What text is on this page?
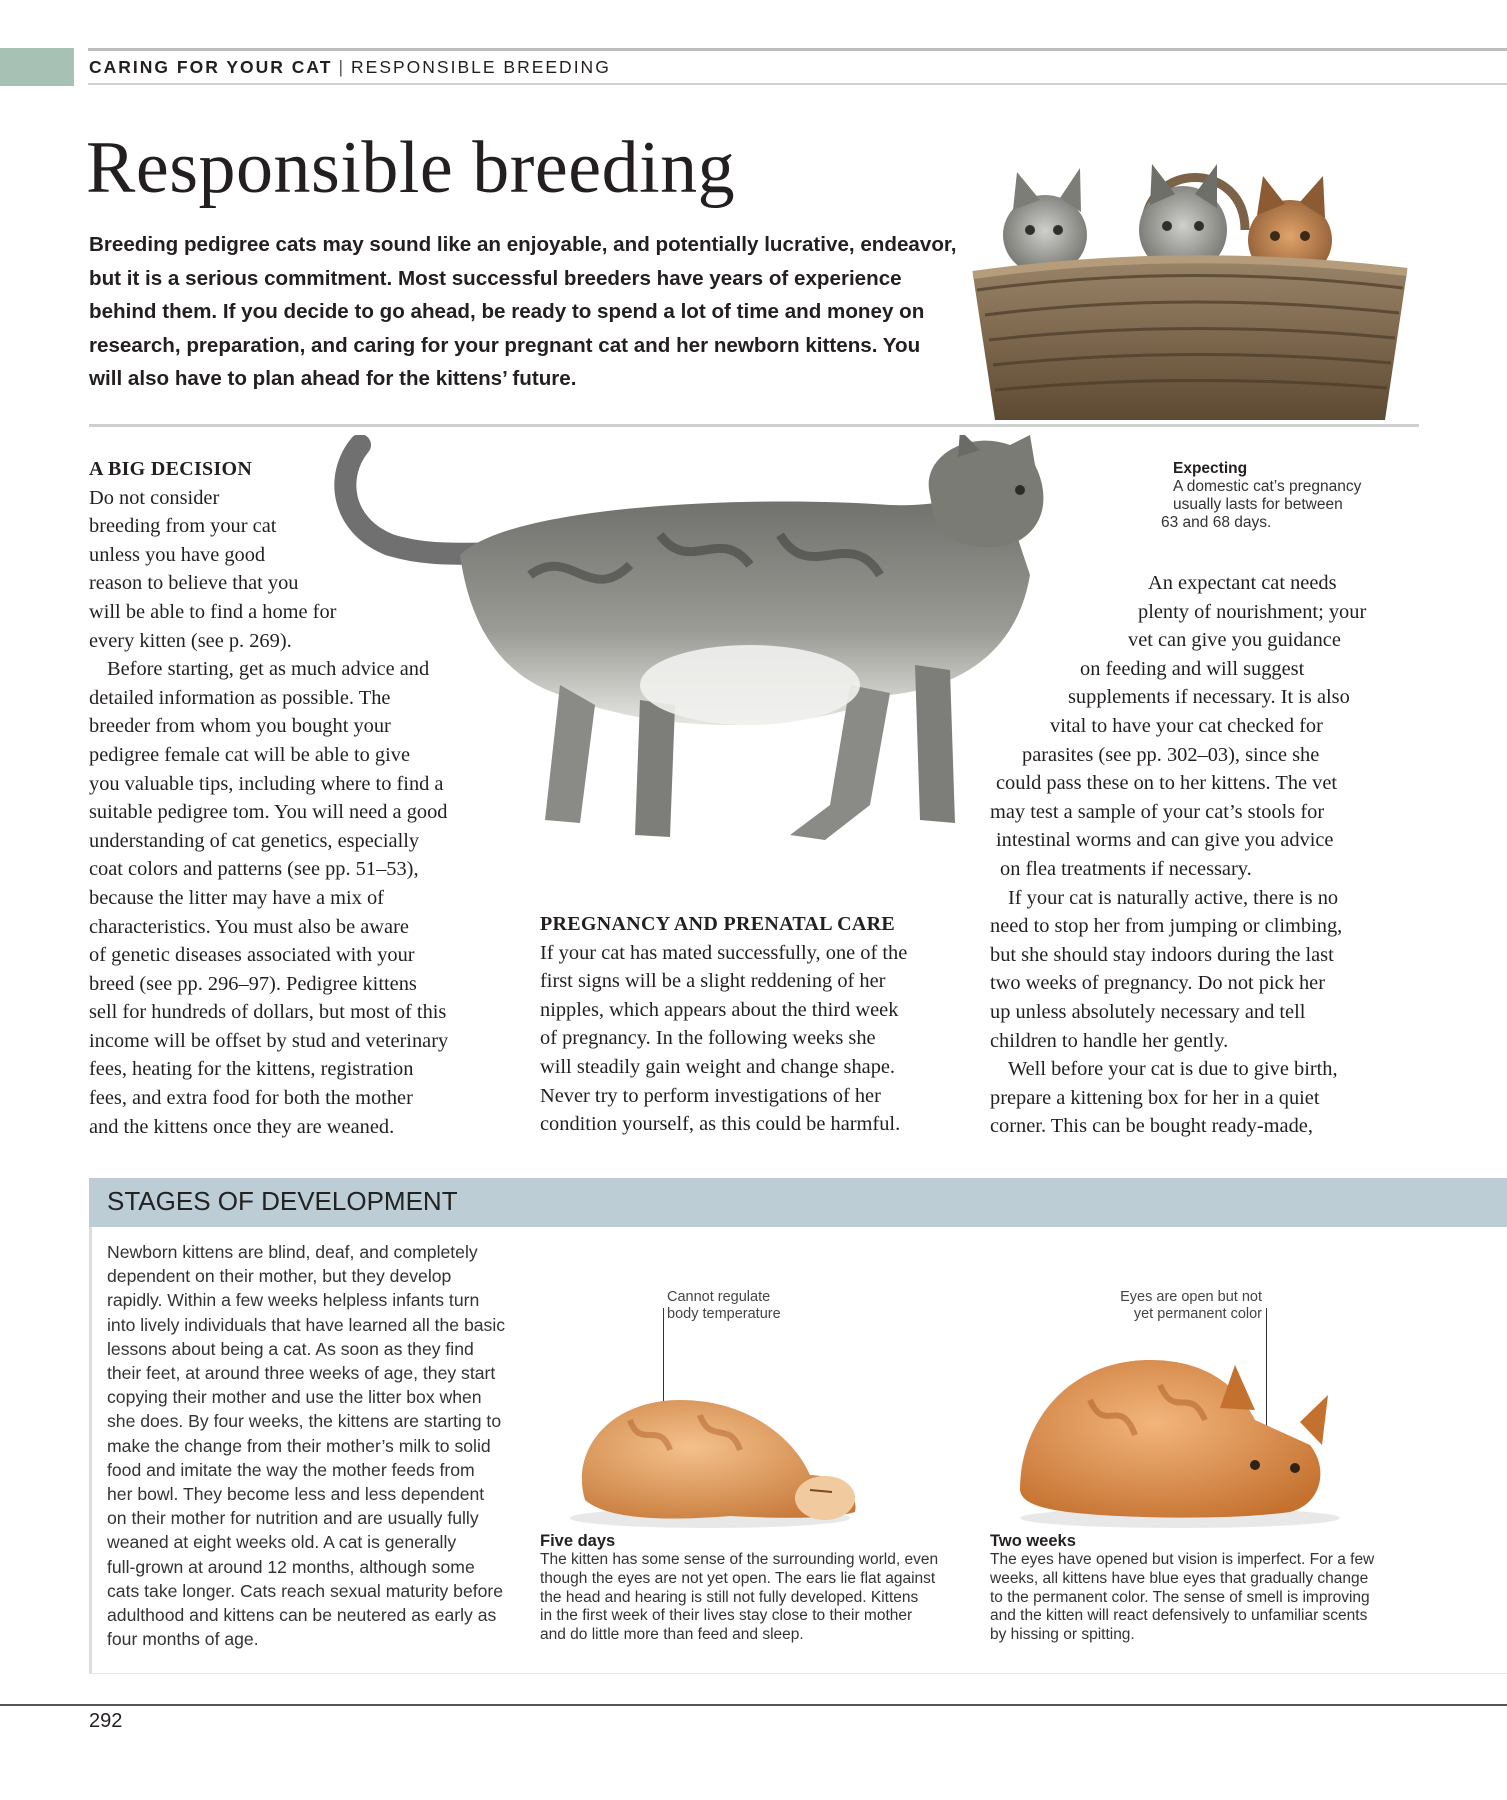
CARING FOR YOUR CAT | RESPONSIBLE BREEDING
Responsible breeding

Breeding pedigree cats may sound like an enjoyable, and potentially lucrative, endeavor, but it is a serious commitment. Most successful breeders have years of experience behind them. If you decide to go ahead, be ready to spend a lot of time and money on research, preparation, and caring for your pregnant cat and her newborn kittens. You will also have to plan ahead for the kittens’ future.

A BIG DECISION
Do not consider
breeding from your cat
unless you have good
reason to believe that you
will be able to find a home for
every kitten (see p. 269).
Before starting, get as much advice and
detailed information as possible. The
breeder from whom you bought your
pedigree female cat will be able to give
you valuable tips, including where to find a
suitable pedigree tom. You will need a good
understanding of cat genetics, especially
coat colors and patterns (see pp. 51–53),
because the litter may have a mix of
characteristics. You must also be aware
of genetic diseases associated with your
breed (see pp. 296–97). Pedigree kittens
sell for hundreds of dollars, but most of this
income will be offset by stud and veterinary
fees, heating for the kittens, registration
fees, and extra food for both the mother
and the kittens once they are weaned.
PREGNANCY AND PRENATAL CARE
If your cat has mated successfully, one of the
first signs will be a slight reddening of her
nipples, which appears about the third week
of pregnancy. In the following weeks she
will steadily gain weight and change shape.
Never try to perform investigations of her
condition yourself, as this could be harmful.
Expecting
A domestic cat’s pregnancy
usually lasts for between
63 and 68 days.
An expectant cat needs
plenty of nourishment; your
vet can give you guidance
on feeding and will suggest
supplements if necessary. It is also
vital to have your cat checked for
parasites (see pp. 302–03), since she
could pass these on to her kittens. The vet
may test a sample of your cat’s stools for
intestinal worms and can give you advice
on flea treatments if necessary.
If your cat is naturally active, there is no
need to stop her from jumping or climbing,
but she should stay indoors during the last
two weeks of pregnancy. Do not pick her
up unless absolutely necessary and tell
children to handle her gently.
Well before your cat is due to give birth,
prepare a kittening box for her in a quiet
corner. This can be bought ready-made,
STAGES OF DEVELOPMENT
Newborn kittens are blind, deaf, and completely
dependent on their mother, but they develop
rapidly. Within a few weeks helpless infants turn
into lively individuals that have learned all the basic
lessons about being a cat. As soon as they find
their feet, at around three weeks of age, they start
copying their mother and use the litter box when
she does. By four weeks, the kittens are starting to
make the change from their mother’s milk to solid
food and imitate the way the mother feeds from
her bowl. They become less and less dependent
on their mother for nutrition and are usually fully
weaned at eight weeks old. A cat is generally
full-grown at around 12 months, although some
cats take longer. Cats reach sexual maturity before
adulthood and kittens can be neutered as early as
four months of age.
Cannot regulate
body temperature
Eyes are open but not
yet permanent color
Five days
The kitten has some sense of the surrounding world, even
though the eyes are not yet open. The ears lie flat against
the head and hearing is still not fully developed. Kittens
in the first week of their lives stay close to their mother
and do little more than feed and sleep.
Two weeks
The eyes have opened but vision is imperfect. For a few
weeks, all kittens have blue eyes that gradually change
to the permanent color. The sense of smell is improving
and the kitten will react defensively to unfamiliar scents
by hissing or spitting.
292
